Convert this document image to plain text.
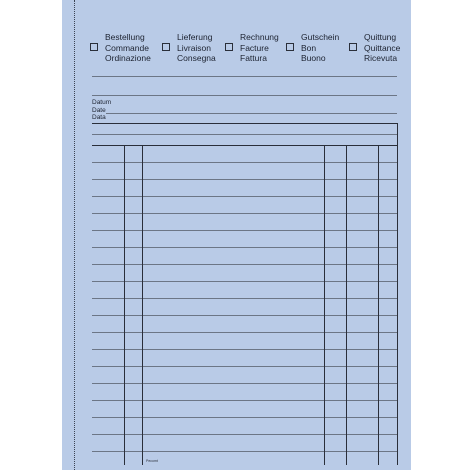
Bestellung
Commande
Ordinazione
Lieferung
Livraison
Consegna
Rechnung
Facture
Fattura
Gutschein
Bon
Buono
Quittung
Quittance
Ricevuta
Datum
Date
Data
Pecomt
